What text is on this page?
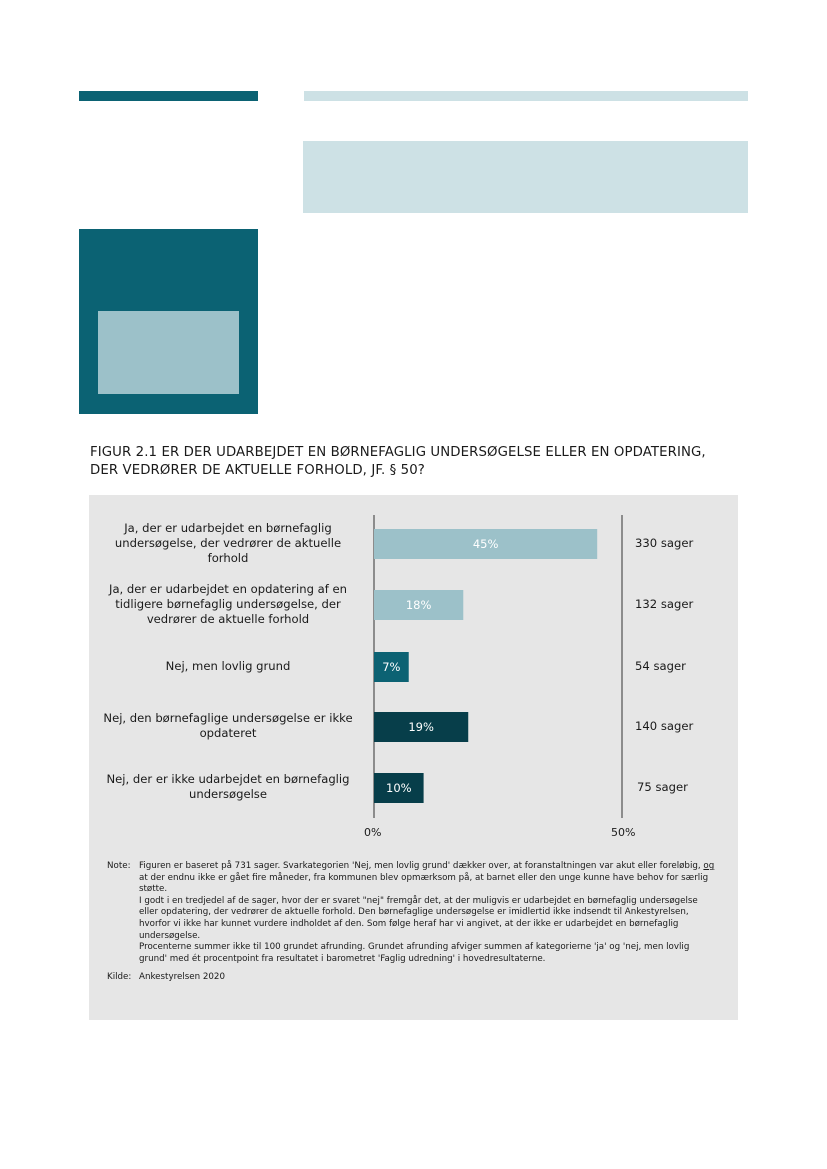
FIGUR 2.1 ER DER UDARBEJDET EN BØRNEFAGLIG UNDERSØGELSE ELLER EN OPDATERING,
DER VEDRØRER DE AKTUELLE FORHOLD, JF. § 50?
45%
18%
7%
19%
10%
Ja, der er udarbejdet en børnefaglig
undersøgelse, der vedrører de aktuelle
forhold
330 sager
Ja, der er udarbejdet en opdatering af en
tidligere børnefaglig undersøgelse, der
vedrører de aktuelle forhold
132 sager
Nej, men lovlig grund	54 sager
Nej, den børnefaglige undersøgelse er ikke
opdateret	140 sager
Nej, der er ikke udarbejdet en børnefaglig
undersøgelse	75 sager
0%	50%
Note: Figuren er baseret på 731 sager. Svarkategorien 'Nej, men lovlig grund' dækker over, at foranstaltningen var akut eller foreløbig, og at der endnu ikke er gået fire måneder, fra kommunen blev opmærksom på, at barnet eller den unge kunne have behov for særlig støtte.

I godt i en tredjedel af de sager, hvor der er svaret "nej" fremgår det, at der muligvis er udarbejdet en børnefaglig undersøgelse eller opdatering, der vedrører de aktuelle forhold. Den børnefaglige undersøgelse er imidlertid ikke indsendt til Ankestyrelsen, hvorfor vi ikke har kunnet vurdere indholdet af den. Som følge heraf har vi angivet, at der ikke er udarbejdet en børnefaglig undersøgelse.

Procenterne summer ikke til 100 grundet afrunding. Grundet afrunding afviger summen af kategorierne 'ja' og 'nej, men lovlig grund' med ét procentpoint fra resultatet i barometret 'Faglig udredning' i hovedresultaterne.

Kilde: Ankestyrelsen 2020
